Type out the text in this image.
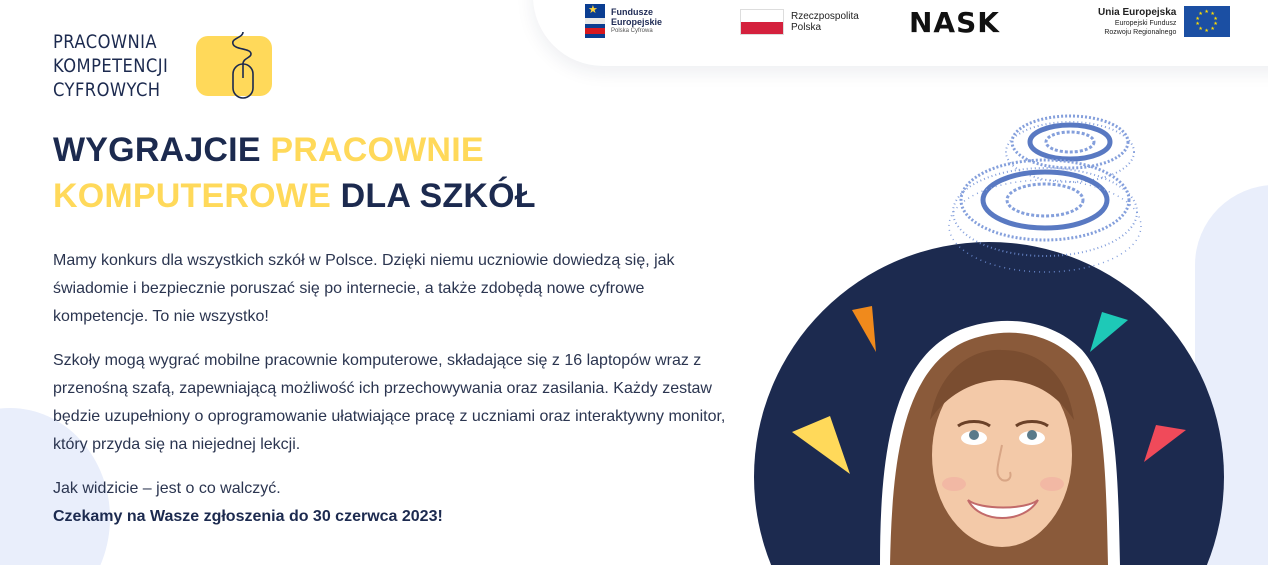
★ Fundusze
Europejskie
Polska Cyfrowa
Rzeczpospolita
Polska	NASK	Unia Europejska
Europejski Fundusz
Rozwoju Regionalnego
★ ★
★
★
★
★
★
★
★
★
PRACOWNIA
KOMPETENCJI
CYFROWYCH
WYGRAJCIE PRACOWNIE
KOMPUTEROWE DLA SZKÓŁ

Mamy konkurs dla wszystkich szkół w Polsce. Dzięki niemu uczniowie dowiedzą się, jak świadomie i bezpiecznie poruszać się po internecie, a także zdobędą nowe cyfrowe kompetencje. To nie wszystko!

Szkoły mogą wygrać mobilne pracownie komputerowe, składające się z 16 laptopów wraz z przenośną szafą, zapewniającą możliwość ich przechowywania oraz zasilania. Każdy zestaw będzie uzupełniony o oprogramowanie ułatwiające pracę z uczniami oraz interaktywny monitor, który przyda się na niejednej lekcji.

Jak widzicie – jest o co walczyć.

Czekamy na Wasze zgłoszenia do 30 czerwca 2023!
